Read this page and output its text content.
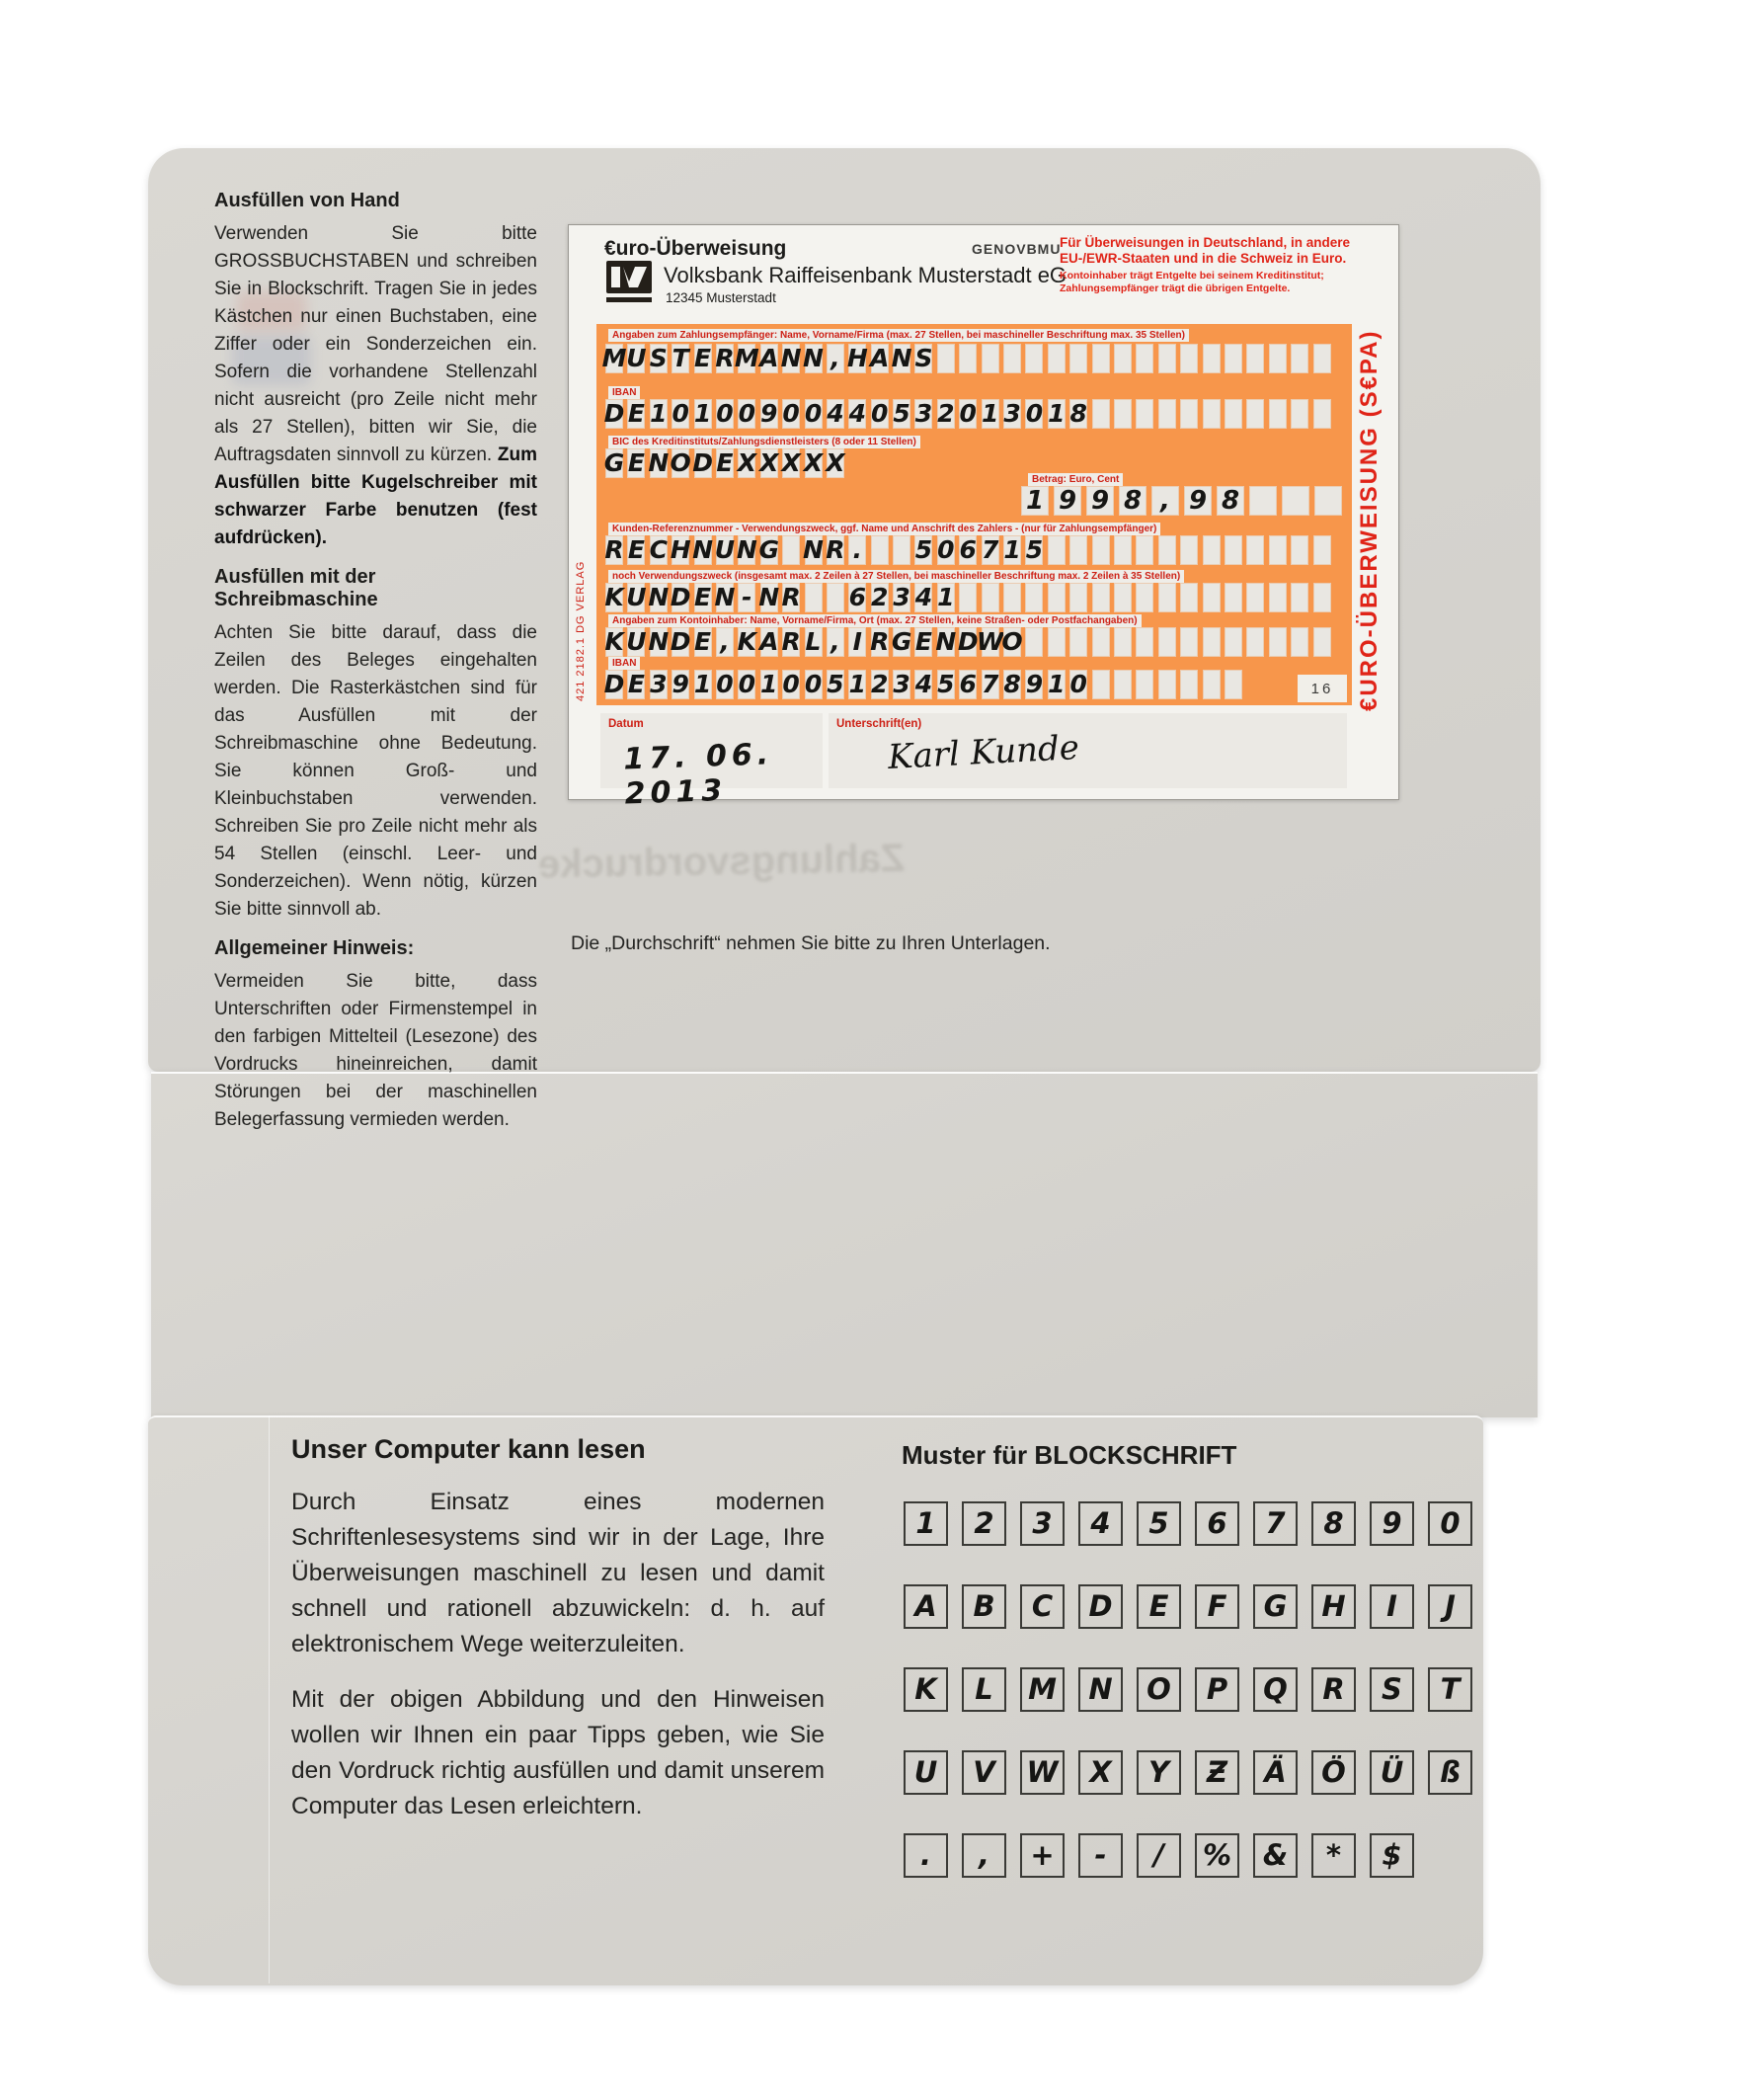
Zahlungsvordrucke
Ausfüllen von Hand

Verwenden Sie bitte GROSSBUCHSTABEN und schreiben Sie in Blockschrift. Tragen Sie in jedes Kästchen nur einen Buchstaben, eine Ziffer oder ein Sonderzeichen ein. Sofern die vorhandene Stellenzahl nicht ausreicht (pro Zeile nicht mehr als 27 Stellen), bitten wir Sie, die Auftragsdaten sinnvoll zu kürzen. Zum Ausfüllen bitte Kugelschreiber mit schwarzer Farbe benutzen (fest aufdrücken).

Ausfüllen mit der Schreibmaschine

Achten Sie bitte darauf, dass die Zeilen des Beleges eingehalten werden. Die Rasterkästchen sind für das Ausfüllen mit der Schreibmaschine ohne Bedeutung. Sie können Groß- und Kleinbuchstaben verwenden. Schreiben Sie pro Zeile nicht mehr als 54 Stellen (einschl. Leer- und Sonderzeichen). Wenn nötig, kürzen Sie bitte sinnvoll ab.

Allgemeiner Hinweis:

Vermeiden Sie bitte, dass Unterschriften oder Firmenstempel in den farbigen Mittelteil (Lesezone) des Vordrucks hineinreichen, damit Störungen bei der maschinellen Belegerfassung vermieden werden.

€uro-Überweisung	GENOVBMU
Volksbank Raiffeisenbank Musterstadt eG
12345 Musterstadt
Für Überweisungen in Deutschland, in andere EU-/EWR-Staaten und in die Schweiz in Euro.
Kontoinhaber trägt Entgelte bei seinem Kreditinstitut;
Zahlungsempfänger trägt die übrigen Entgelte.
16
Angaben zum Zahlungsempfänger: Name, Vorname/Firma (max. 27 Stellen, bei maschineller Beschriftung max. 35 Stellen)
M U S T E R M A N N , H A N S
IBAN
D E 1 0 1 0 0 9 0 0 4 4 0 5 3 2 0 1 3 0 1 8
BIC des Kreditinstituts/Zahlungsdienstleisters (8 oder 11 Stellen)
G E N O D E X X X X X
Betrag: Euro, Cent
1 9 9 8 , 9 8
Kunden-Referenznummer - Verwendungszweck, ggf. Name und Anschrift des Zahlers - (nur für Zahlungsempfänger)
R E C H N U N G N R . 5 0 6 7 1 5
noch Verwendungszweck (insgesamt max. 2 Zeilen à 27 Stellen, bei maschineller Beschriftung max. 2 Zeilen à 35 Stellen)
K U N D E N - N R 6 2 3 4 1
Angaben zum Kontoinhaber: Name, Vorname/Firma, Ort (max. 27 Stellen, keine Straßen- oder Postfachangaben)
K U N D E , K A R L , I R G E N D
W
O
IBAN
D E 3 9 1 0 0 1 0 0 5 1 2 3 4 5 6 7 8 9 1 0
421 2182.1 DG VERLAG	€URO-ÜBERWEISUNG (S€PA)
Datum
17. 06. 2013
Unterschrift(en)
Karl Kunde
Die „Durchschrift“ nehmen Sie bitte zu Ihren Unterlagen.
Unser Computer kann lesen

Durch Einsatz eines modernen Schriftenlesesystems sind wir in der Lage, Ihre Überweisungen maschinell zu lesen und damit schnell und rationell abzuwickeln: d. h. auf elektronischem Wege weiterzuleiten.

Mit der obigen Abbildung und den Hinweisen wollen wir Ihnen ein paar Tipps geben, wie Sie den Vordruck richtig ausfüllen und damit unserem Computer das Lesen erleichtern.

Muster für BLOCKSCHRIFT
1 2 3 4 5 6 7 8 9 0
A B C D E F G H I J
K L M N O P Q R S T
U V W X Y Ƶ Ä Ö Ü ß
. , + - / % & * $
